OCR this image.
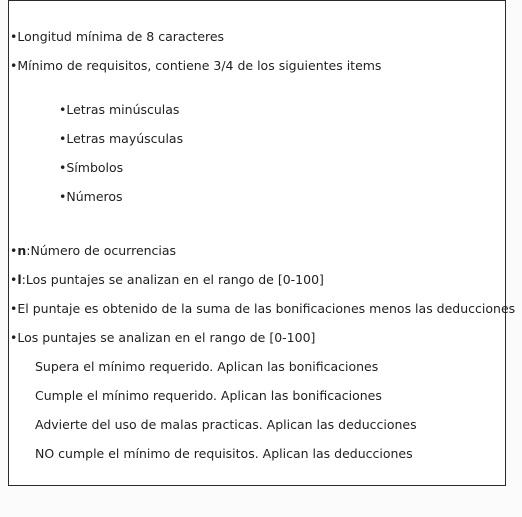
•Longitud mínima de 8 caracteres
•Mínimo de requisitos, contiene 3/4 de los siguientes items
•Letras minúsculas
•Letras mayúsculas
•Símbolos
•Números
•n:Número de ocurrencias
•l:Los puntajes se analizan en el rango de [0-100]
•El puntaje es obtenido de la suma de las bonificaciones menos las deducciones
•Los puntajes se analizan en el rango de [0-100]
Supera el mínimo requerido. Aplican las bonificaciones
Cumple el mínimo requerido. Aplican las bonificaciones
Advierte del uso de malas practicas. Aplican las deducciones
NO cumple el mínimo de requisitos. Aplican las deducciones
